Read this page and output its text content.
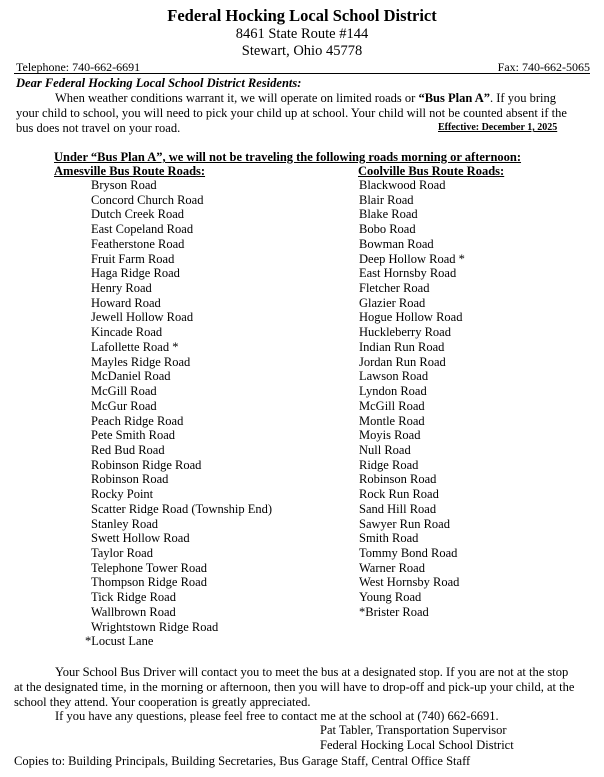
Federal Hocking Local School District
8461 State Route #144
Stewart, Ohio 45778
Telephone: 740-662-6691	Fax: 740-662-5065
Dear Federal Hocking Local School District Residents:
When weather conditions warrant it, we will operate on limited roads or “Bus Plan A”. If you bring
your child to school, you will need to pick your child up at school. Your child will not be counted absent if the
bus does not travel on your road.	Effective: December 1, 2025
Under “Bus Plan A”, we will not be traveling the following roads morning or afternoon:
Amesville Bus Route Roads:	Coolville Bus Route Roads:
Bryson Road
Concord Church Road
Dutch Creek Road
East Copeland Road
Featherstone Road
Fruit Farm Road
Haga Ridge Road
Henry Road
Howard Road
Jewell Hollow Road
Kincade Road
Lafollette Road *
Mayles Ridge Road
McDaniel Road
McGill Road
McGur Road
Peach Ridge Road
Pete Smith Road
Red Bud Road
Robinson Ridge Road
Robinson Road
Rocky Point
Scatter Ridge Road (Township End)
Stanley Road
Swett Hollow Road
Taylor Road
Telephone Tower Road
Thompson Ridge Road
Tick Ridge Road
Wallbrown Road
Wrightstown Ridge Road
*Locust Lane
Blackwood Road
Blair Road
Blake Road
Bobo Road
Bowman Road
Deep Hollow Road *
East Hornsby Road
Fletcher Road
Glazier Road
Hogue Hollow Road
Huckleberry Road
Indian Run Road
Jordan Run Road
Lawson Road
Lyndon Road
McGill Road
Montle Road
Moyis Road
Null Road
Ridge Road
Robinson Road
Rock Run Road
Sand Hill Road
Sawyer Run Road
Smith Road
Tommy Bond Road
Warner Road
West Hornsby Road
Young Road
*Brister Road
Your School Bus Driver will contact you to meet the bus at a designated stop. If you are not at the stop
at the designated time, in the morning or afternoon, then you will have to drop-off and pick-up your child, at the
school they attend. Your cooperation is greatly appreciated.
If you have any questions, please feel free to contact me at the school at (740) 662-6691.
Pat Tabler, Transportation Supervisor
Federal Hocking Local School District
Copies to: Building Principals, Building Secretaries, Bus Garage Staff, Central Office Staff
